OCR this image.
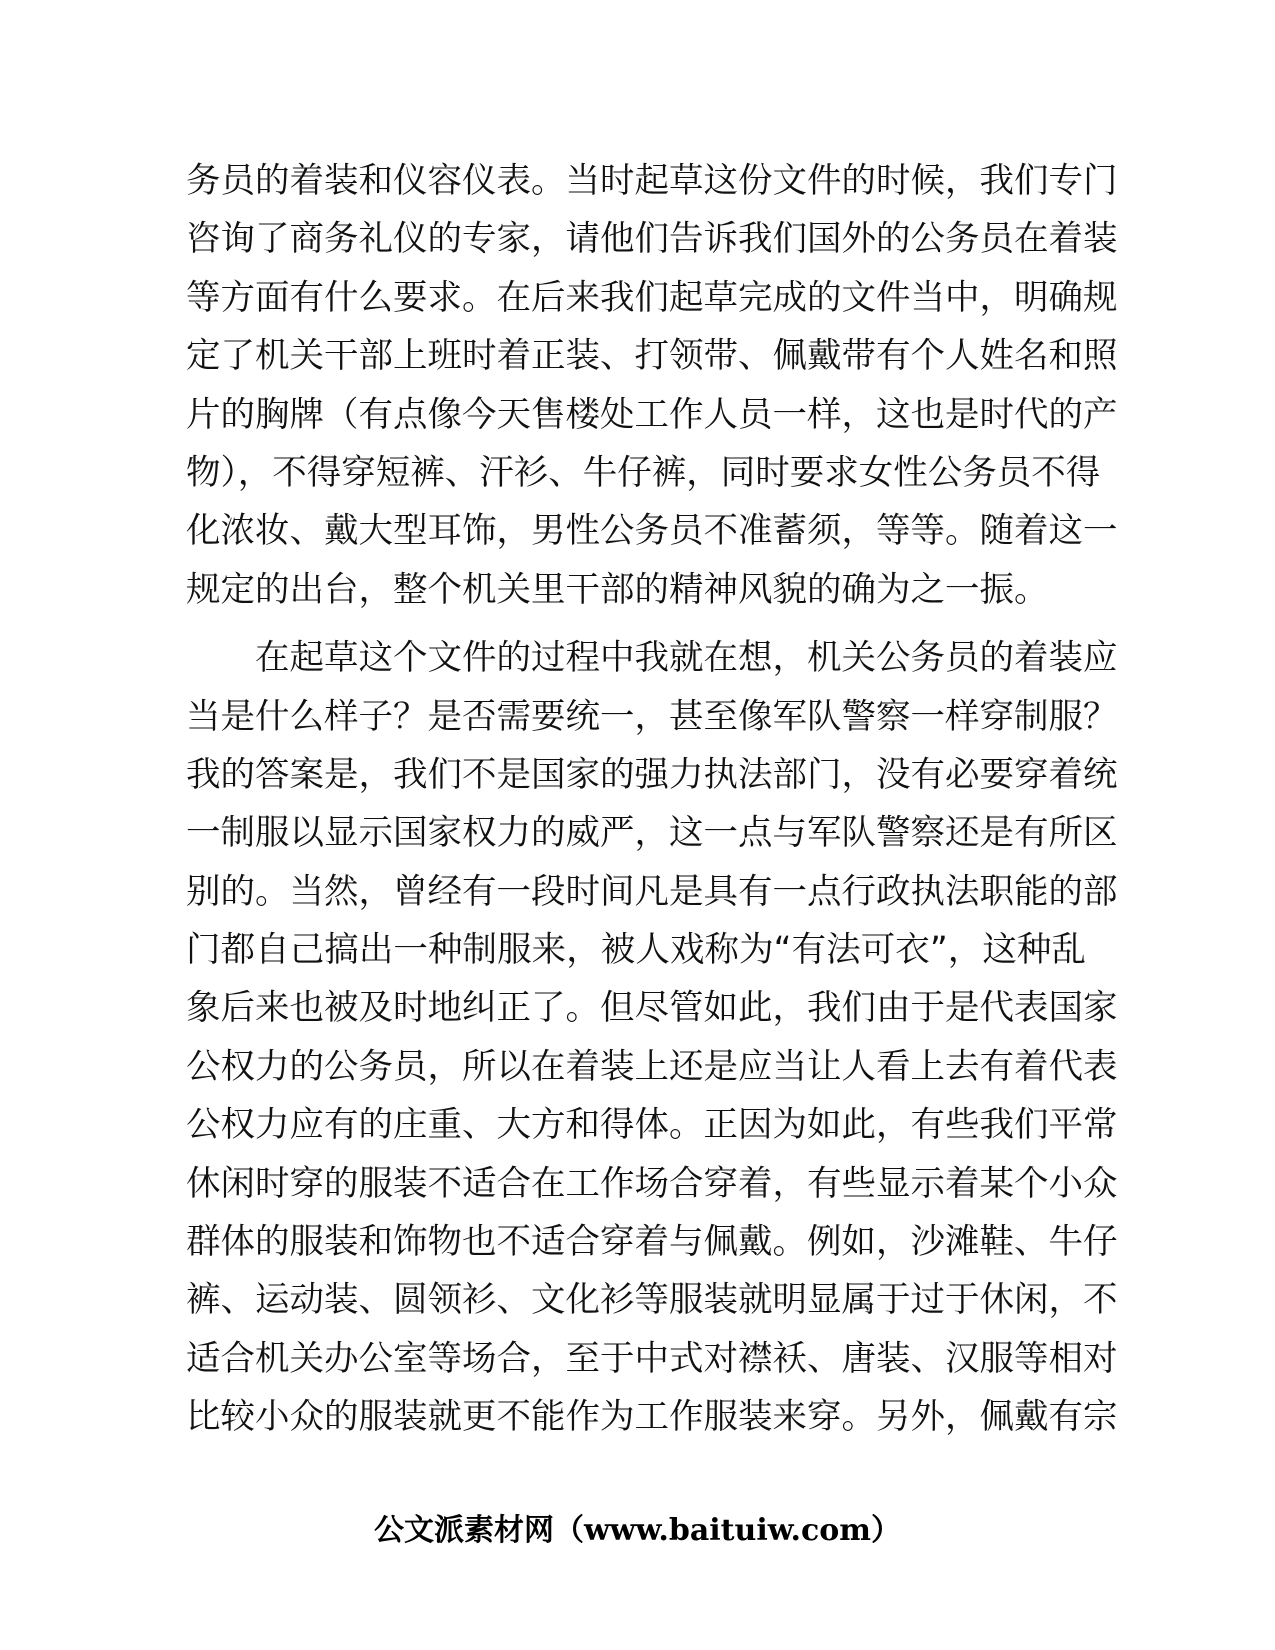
务员的着装和仪容仪表。当时起草这份文件的时候，我们专门
咨询了商务礼仪的专家，请他们告诉我们国外的公务员在着装
等方面有什么要求。在后来我们起草完成的文件当中，明确规
定了机关干部上班时着正装、打领带、佩戴带有个人姓名和照
片的胸牌（有点像今天售楼处工作人员一样，这也是时代的产
物），不得穿短裤、汗衫、牛仔裤，同时要求女性公务员不得
化浓妆、戴大型耳饰，男性公务员不准蓄须，等等。随着这一
规定的出台，整个机关里干部的精神风貌的确为之一振。
在起草这个文件的过程中我就在想，机关公务员的着装应
当是什么样子？是否需要统一，甚至像军队警察一样穿制服？
我的答案是，我们不是国家的强力执法部门，没有必要穿着统
一制服以显示国家权力的威严，这一点与军队警察还是有所区
别的。当然，曾经有一段时间凡是具有一点行政执法职能的部
门都自己搞出一种制服来，被人戏称为“有法可衣”，这种乱
象后来也被及时地纠正了。但尽管如此，我们由于是代表国家
公权力的公务员，所以在着装上还是应当让人看上去有着代表
公权力应有的庄重、大方和得体。正因为如此，有些我们平常
休闲时穿的服装不适合在工作场合穿着，有些显示着某个小众
群体的服装和饰物也不适合穿着与佩戴。例如，沙滩鞋、牛仔
裤、运动装、圆领衫、文化衫等服装就明显属于过于休闲，不
适合机关办公室等场合，至于中式对襟袄、唐装、汉服等相对
比较小众的服装就更不能作为工作服装来穿。另外，佩戴有宗
公文派素材网（www.baituiw.com）
